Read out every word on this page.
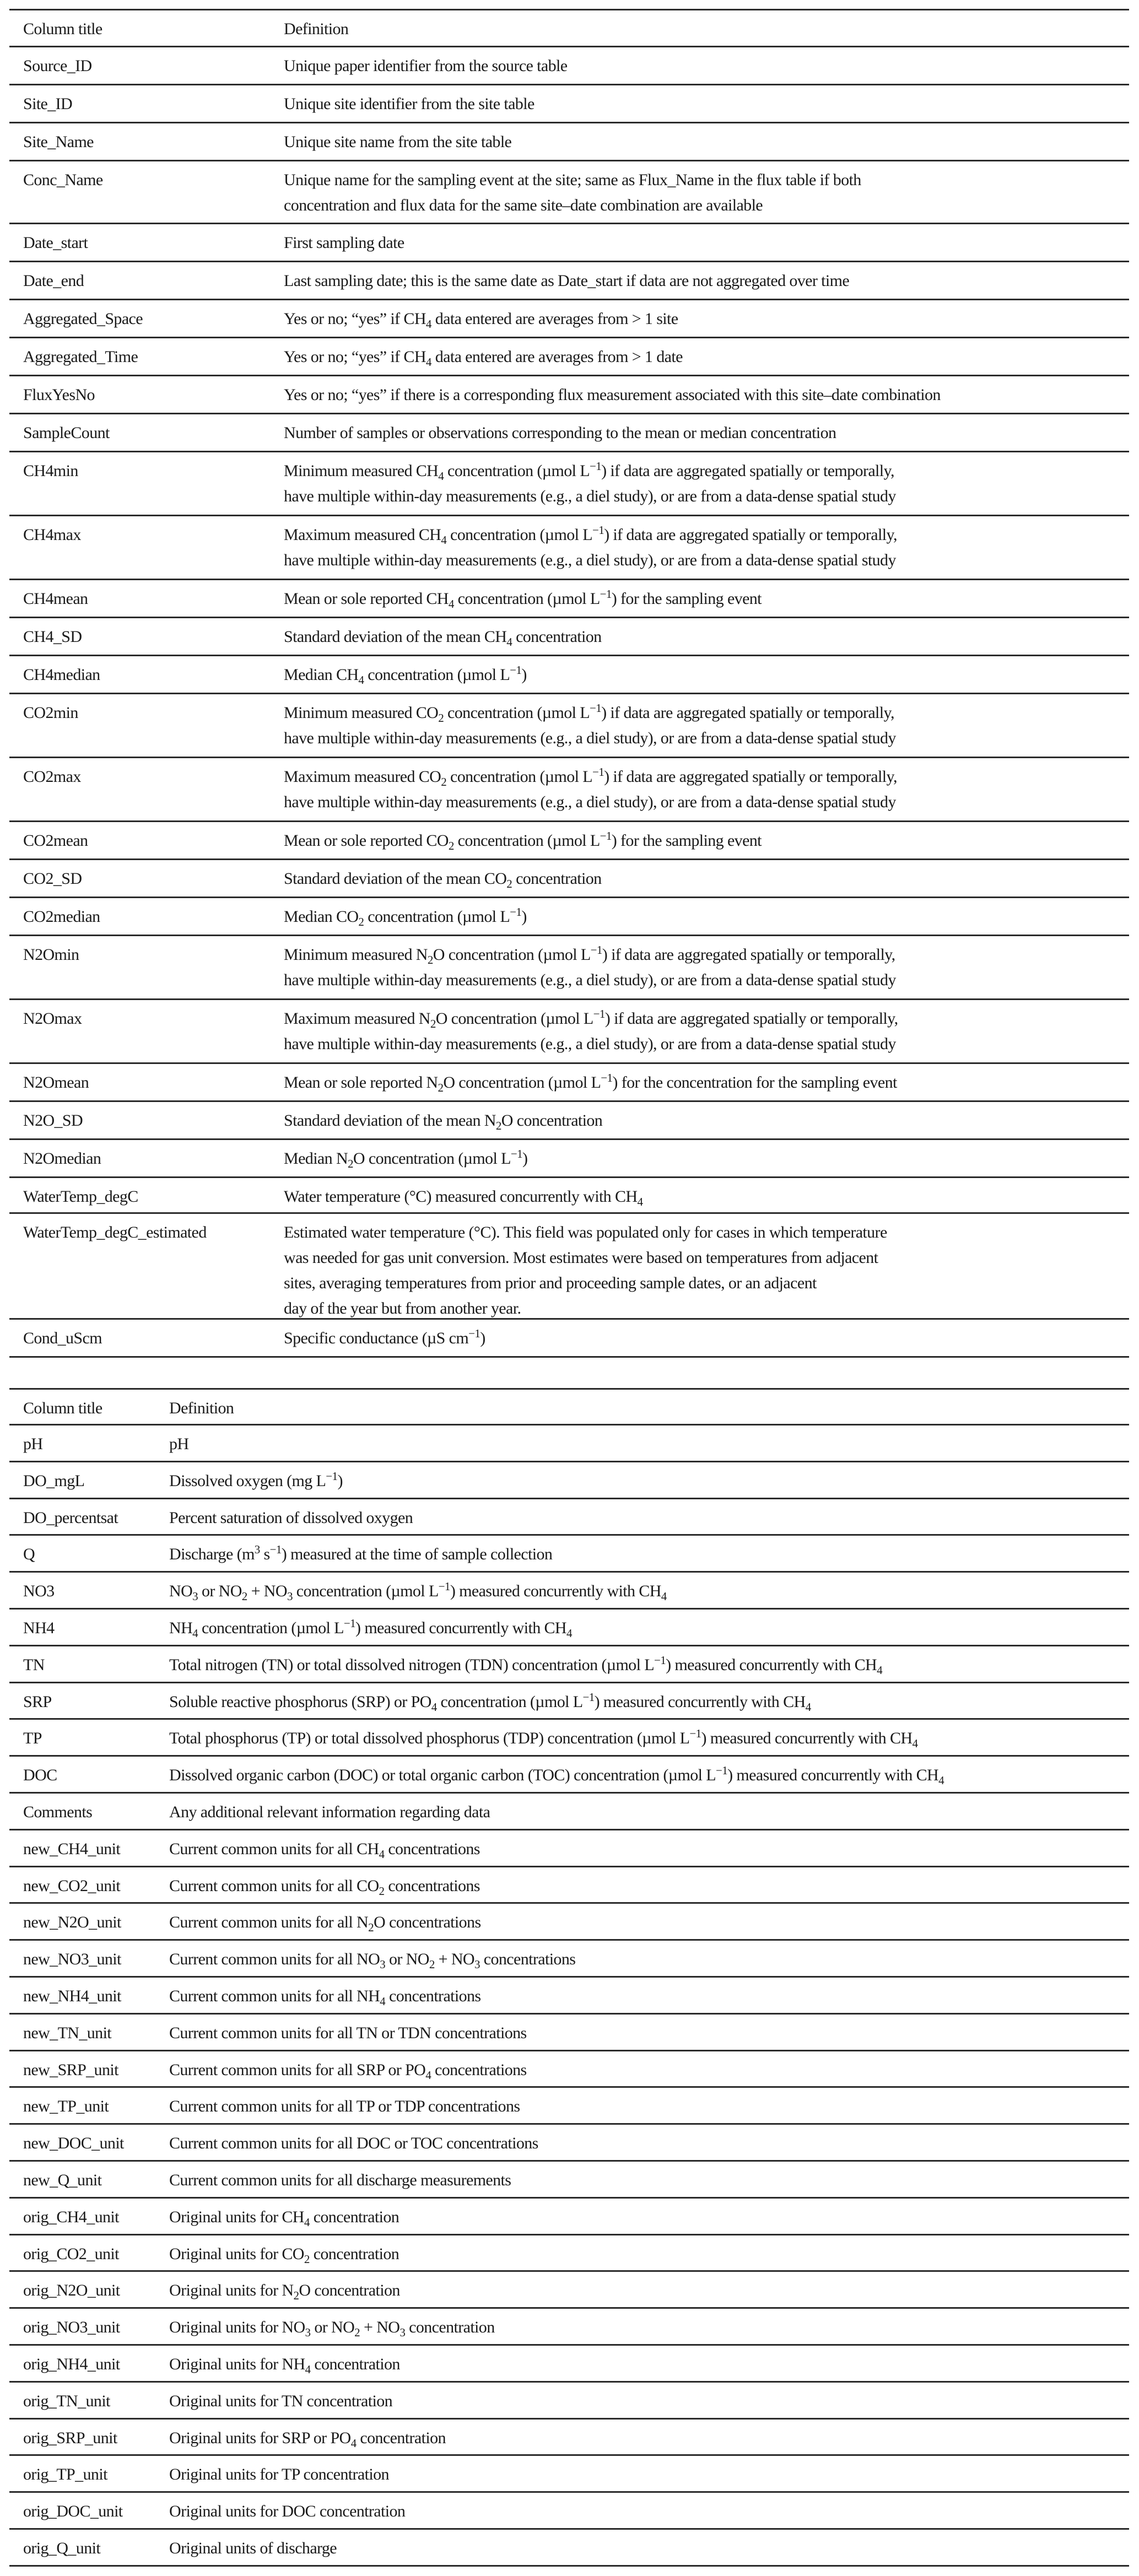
Column title	Definition
Source_ID	Unique paper identifier from the source table
Site_ID	Unique site identifier from the site table
Site_Name	Unique site name from the site table
Conc_Name	Unique name for the sampling event at the site; same as Flux_Name in the flux table if both
concentration and flux data for the same site–date combination are available
Date_start	First sampling date
Date_end	Last sampling date; this is the same date as Date_start if data are not aggregated over time
Aggregated_Space	Yes or no; “yes” if $CH_4$ data entered are averages from > 1 site
Aggregated_Time	Yes or no; “yes” if $CH_4$ data entered are averages from > 1 date
FluxYesNo	Yes or no; “yes” if there is a corresponding flux measurement associated with this site–date combination
SampleCount	Number of samples or observations corresponding to the mean or median concentration
CH4min	Minimum measured $CH_4$ concentration (µmol $L^{-1}$) if data are aggregated spatially or temporally,
have multiple within-day measurements (e.g., a diel study), or are from a data-dense spatial study
CH4max	Maximum measured $CH_4$ concentration (µmol $L^{-1}$) if data are aggregated spatially or temporally,
have multiple within-day measurements (e.g., a diel study), or are from a data-dense spatial study
CH4mean	Mean or sole reported $CH_4$ concentration (µmol $L^{-1}$) for the sampling event
CH4_SD	Standard deviation of the mean $CH_4$ concentration
CH4median	Median $CH_4$ concentration (µmol $L^{-1}$)
CO2min	Minimum measured $CO_2$ concentration (µmol $L^{-1}$) if data are aggregated spatially or temporally,
have multiple within-day measurements (e.g., a diel study), or are from a data-dense spatial study
CO2max	Maximum measured $CO_2$ concentration (µmol $L^{-1}$) if data are aggregated spatially or temporally,
have multiple within-day measurements (e.g., a diel study), or are from a data-dense spatial study
CO2mean	Mean or sole reported $CO_2$ concentration (µmol $L^{-1}$) for the sampling event
CO2_SD	Standard deviation of the mean $CO_2$ concentration
CO2median	Median $CO_2$ concentration (µmol $L^{-1}$)
N2Omin	Minimum measured $N_2O$ concentration (µmol $L^{-1}$) if data are aggregated spatially or temporally,
have multiple within-day measurements (e.g., a diel study), or are from a data-dense spatial study
N2Omax	Maximum measured $N_2O$ concentration (µmol $L^{-1}$) if data are aggregated spatially or temporally,
have multiple within-day measurements (e.g., a diel study), or are from a data-dense spatial study
N2Omean	Mean or sole reported $N_2O$ concentration (µmol $L^{-1}$) for the concentration for the sampling event
N2O_SD	Standard deviation of the mean $N_2O$ concentration
N2Omedian	Median $N_2O$ concentration (µmol $L^{-1}$)
WaterTemp_degC	Water temperature (°C) measured concurrently with $CH_4$
WaterTemp_degC_estimated	Estimated water temperature (°C). This field was populated only for cases in which temperature
was needed for gas unit conversion. Most estimates were based on temperatures from adjacent
sites, averaging temperatures from prior and proceeding sample dates, or an adjacent
day of the year but from another year.
Cond_uScm	Specific conductance (µS $cm^{-1}$)
Column title	Definition
pH	pH
DO_mgL	Dissolved oxygen (mg $L^{-1}$)
DO_percentsat	Percent saturation of dissolved oxygen
Q	Discharge ($m^3$ $s^{-1}$) measured at the time of sample collection
NO3	$NO_3$ or $NO_2 + NO_3$ concentration (µmol $L^{-1}$) measured concurrently with $CH_4$
NH4	$NH_4$ concentration (µmol $L^{-1}$) measured concurrently with $CH_4$
TN	Total nitrogen (TN) or total dissolved nitrogen (TDN) concentration (µmol $L^{-1}$) measured concurrently with $CH_4$
SRP	Soluble reactive phosphorus (SRP) or $PO_4$ concentration (µmol $L^{-1}$) measured concurrently with $CH_4$
TP	Total phosphorus (TP) or total dissolved phosphorus (TDP) concentration (µmol $L^{-1}$) measured concurrently with $CH_4$
DOC	Dissolved organic carbon (DOC) or total organic carbon (TOC) concentration (µmol $L^{-1}$) measured concurrently with $CH_4$
Comments	Any additional relevant information regarding data
new_CH4_unit	Current common units for all $CH_4$ concentrations
new_CO2_unit	Current common units for all $CO_2$ concentrations
new_N2O_unit	Current common units for all $N_2O$ concentrations
new_NO3_unit	Current common units for all $NO_3$ or $NO_2 + NO_3$ concentrations
new_NH4_unit	Current common units for all $NH_4$ concentrations
new_TN_unit	Current common units for all TN or TDN concentrations
new_SRP_unit	Current common units for all SRP or $PO_4$ concentrations
new_TP_unit	Current common units for all TP or TDP concentrations
new_DOC_unit	Current common units for all DOC or TOC concentrations
new_Q_unit	Current common units for all discharge measurements
orig_CH4_unit	Original units for $CH_4$ concentration
orig_CO2_unit	Original units for $CO_2$ concentration
orig_N2O_unit	Original units for $N_2O$ concentration
orig_NO3_unit	Original units for $NO_3$ or $NO_2 + NO_3$ concentration
orig_NH4_unit	Original units for $NH_4$ concentration
orig_TN_unit	Original units for TN concentration
orig_SRP_unit	Original units for SRP or $PO_4$ concentration
orig_TP_unit	Original units for TP concentration
orig_DOC_unit	Original units for DOC concentration
orig_Q_unit	Original units of discharge
